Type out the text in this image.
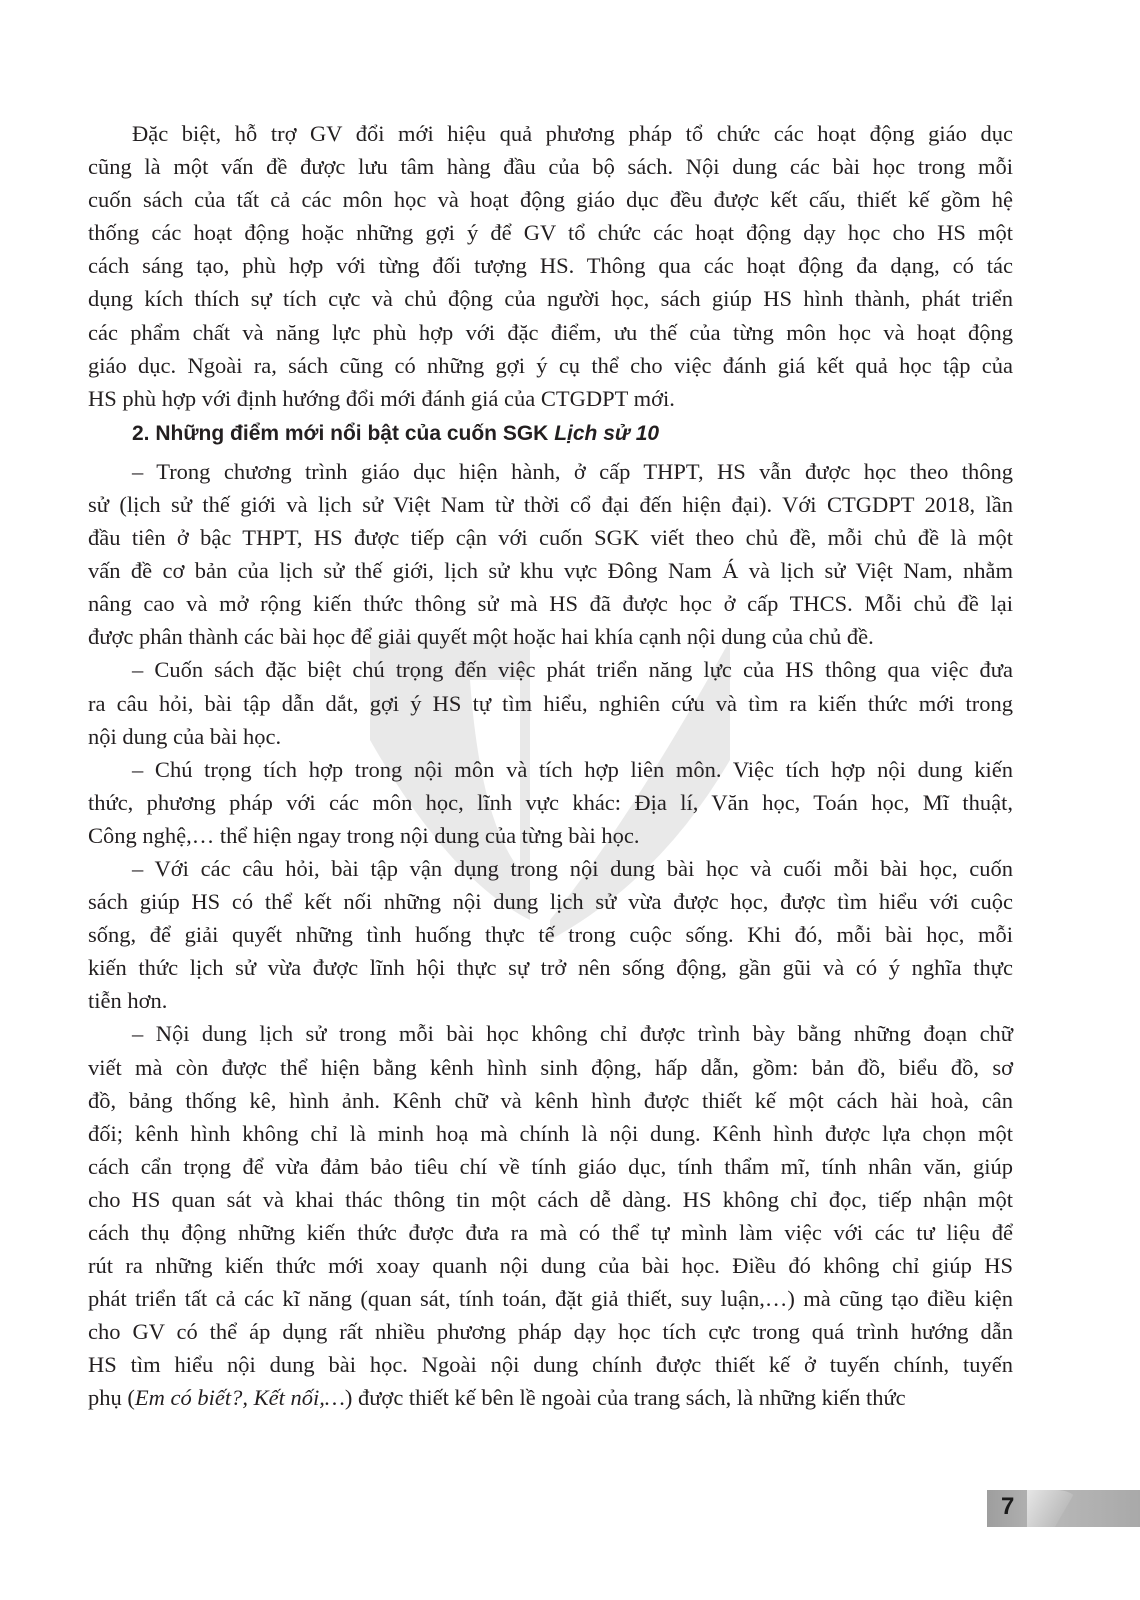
Đặc biệt, hỗ trợ GV đổi mới hiệu quả phương pháp tổ chức các hoạt động giáo dục
cũng là một vấn đề được lưu tâm hàng đầu của bộ sách. Nội dung các bài học trong mỗi
cuốn sách của tất cả các môn học và hoạt động giáo dục đều được kết cấu, thiết kế gồm hệ
thống các hoạt động hoặc những gợi ý để GV tổ chức các hoạt động dạy học cho HS một
cách sáng tạo, phù hợp với từng đối tượng HS. Thông qua các hoạt động đa dạng, có tác
dụng kích thích sự tích cực và chủ động của người học, sách giúp HS hình thành, phát triển
các phẩm chất và năng lực phù hợp với đặc điểm, ưu thế của từng môn học và hoạt động
giáo dục. Ngoài ra, sách cũng có những gợi ý cụ thể cho việc đánh giá kết quả học tập của
HS phù hợp với định hướng đổi mới đánh giá của CTGDPT mới.
2. Những điểm mới nổi bật của cuốn SGK Lịch sử 10
– Trong chương trình giáo dục hiện hành, ở cấp THPT, HS vẫn được học theo thông
sử (lịch sử thế giới và lịch sử Việt Nam từ thời cổ đại đến hiện đại). Với CTGDPT 2018, lần
đầu tiên ở bậc THPT, HS được tiếp cận với cuốn SGK viết theo chủ đề, mỗi chủ đề là một
vấn đề cơ bản của lịch sử thế giới, lịch sử khu vực Đông Nam Á và lịch sử Việt Nam, nhằm
nâng cao và mở rộng kiến thức thông sử mà HS đã được học ở cấp THCS. Mỗi chủ đề lại
được phân thành các bài học để giải quyết một hoặc hai khía cạnh nội dung của chủ đề.
– Cuốn sách đặc biệt chú trọng đến việc phát triển năng lực của HS thông qua việc đưa
ra câu hỏi, bài tập dẫn dắt, gợi ý HS tự tìm hiểu, nghiên cứu và tìm ra kiến thức mới trong
nội dung của bài học.
– Chú trọng tích hợp trong nội môn và tích hợp liên môn. Việc tích hợp nội dung kiến
thức, phương pháp với các môn học, lĩnh vực khác: Địa lí, Văn học, Toán học, Mĩ thuật,
Công nghệ,… thể hiện ngay trong nội dung của từng bài học.
– Với các câu hỏi, bài tập vận dụng trong nội dung bài học và cuối mỗi bài học, cuốn
sách giúp HS có thể kết nối những nội dung lịch sử vừa được học, được tìm hiểu với cuộc
sống, để giải quyết những tình huống thực tế trong cuộc sống. Khi đó, mỗi bài học, mỗi
kiến thức lịch sử vừa được lĩnh hội thực sự trở nên sống động, gần gũi và có ý nghĩa thực
tiễn hơn.
– Nội dung lịch sử trong mỗi bài học không chỉ được trình bày bằng những đoạn chữ
viết mà còn được thể hiện bằng kênh hình sinh động, hấp dẫn, gồm: bản đồ, biểu đồ, sơ
đồ, bảng thống kê, hình ảnh. Kênh chữ và kênh hình được thiết kế một cách hài hoà, cân
đối; kênh hình không chỉ là minh hoạ mà chính là nội dung. Kênh hình được lựa chọn một
cách cẩn trọng để vừa đảm bảo tiêu chí về tính giáo dục, tính thẩm mĩ, tính nhân văn, giúp
cho HS quan sát và khai thác thông tin một cách dễ dàng. HS không chỉ đọc, tiếp nhận một
cách thụ động những kiến thức được đưa ra mà có thể tự mình làm việc với các tư liệu để
rút ra những kiến thức mới xoay quanh nội dung của bài học. Điều đó không chỉ giúp HS
phát triển tất cả các kĩ năng (quan sát, tính toán, đặt giả thiết, suy luận,…) mà cũng tạo điều kiện
cho GV có thể áp dụng rất nhiều phương pháp dạy học tích cực trong quá trình hướng dẫn
HS tìm hiểu nội dung bài học. Ngoài nội dung chính được thiết kế ở tuyến chính, tuyến
phụ (Em có biết?, Kết nối,…) được thiết kế bên lề ngoài của trang sách, là những kiến thức
7
